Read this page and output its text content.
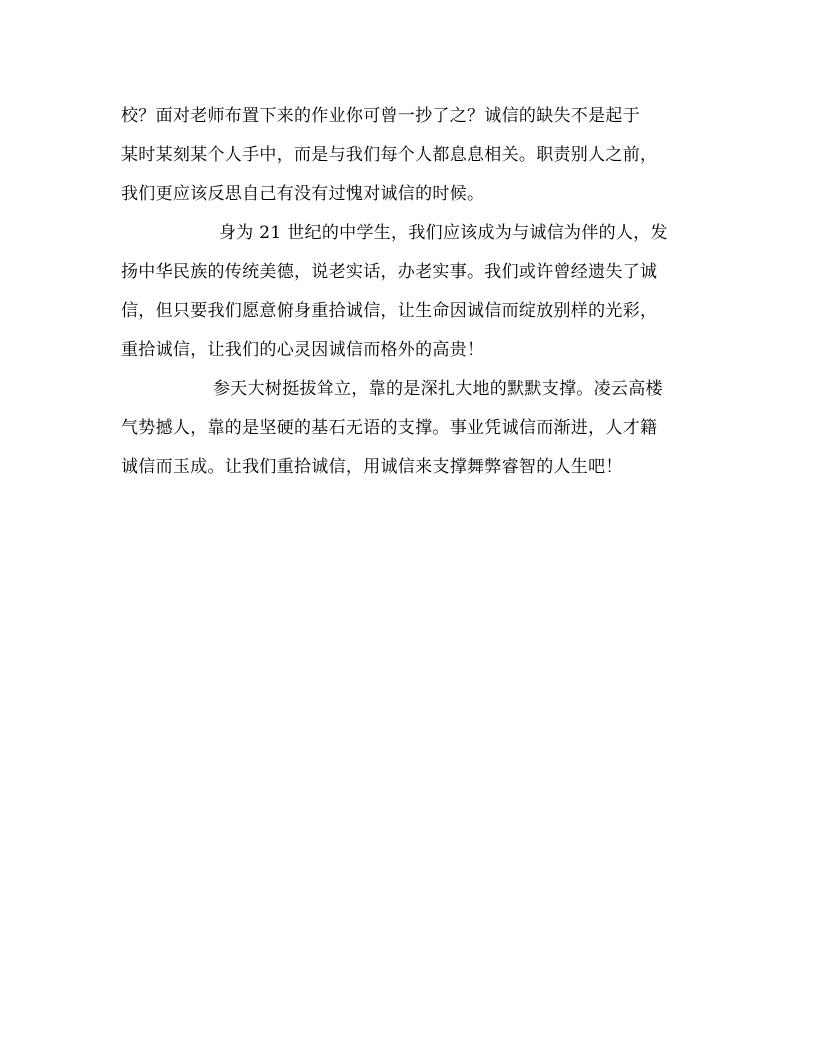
校？面对老师布置下来的作业你可曾一抄了之？诚信的缺失不是起于
某时某刻某个人手中，而是与我们每个人都息息相关。职责别人之前，
我们更应该反思自己有没有过愧对诚信的时候。
身为 21 世纪的中学生，我们应该成为与诚信为伴的人，发
扬中华民族的传统美德，说老实话，办老实事。我们或许曾经遗失了诚
信，但只要我们愿意俯身重拾诚信，让生命因诚信而绽放别样的光彩，
重拾诚信，让我们的心灵因诚信而格外的高贵！
参天大树挺拔耸立，靠的是深扎大地的默默支撑。凌云高楼
气势撼人，靠的是坚硬的基石无语的支撑。事业凭诚信而渐进，人才籍
诚信而玉成。让我们重拾诚信，用诚信来支撑舞弊睿智的人生吧！
